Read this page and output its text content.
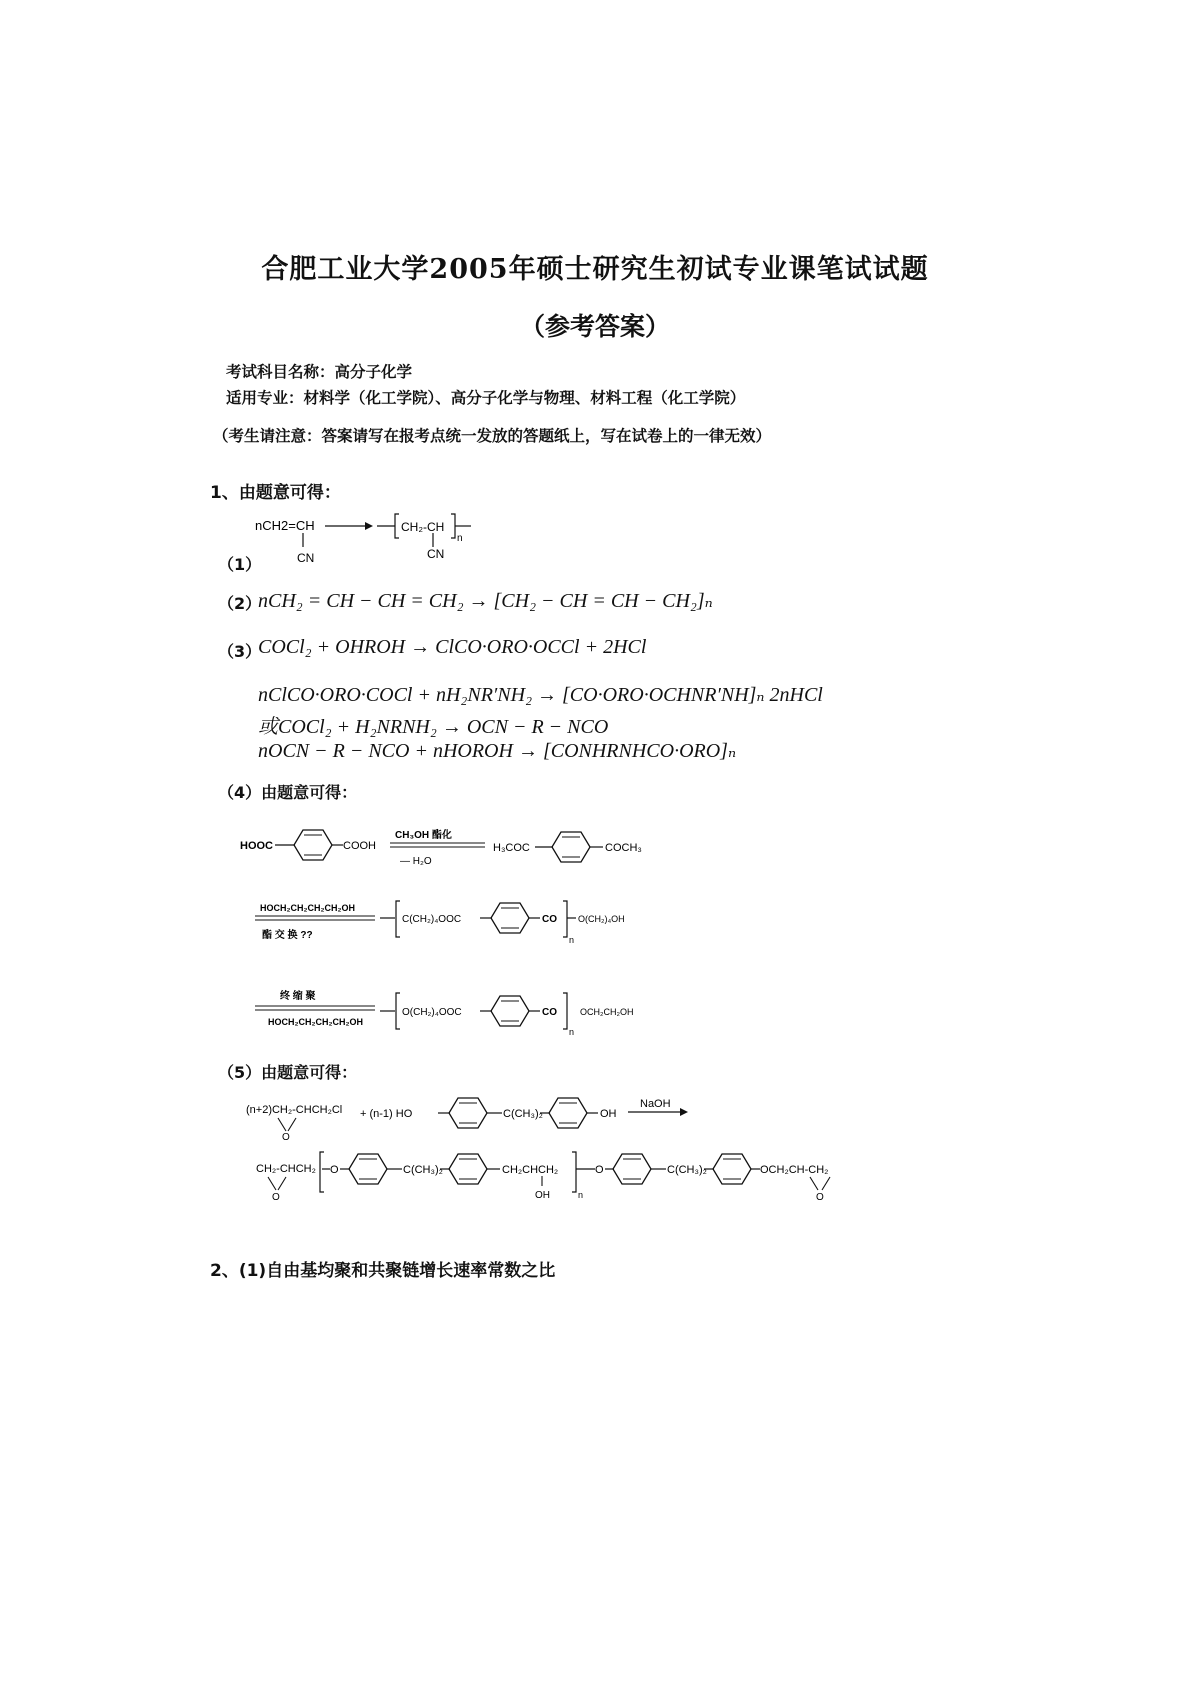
合肥工业大学2005年硕士研究生初试专业课笔试试题
（参考答案）
考试科目名称：高分子化学
适用专业：材料学（化工学院）、高分子化学与物理、材料工程（化工学院）
（考生请注意：答案请写在报考点统一发放的答题纸上，写在试卷上的一律无效）
1、由题意可得：
（1）
nCH2=CH
CN
CH₂-CH
CN
n
（2）
nCH₂ = CH − CH = CH₂ → [CH₂ − CH = CH − CH₂]ₙ
（3）
COCl₂ + OHROH → ClCO·ORO·OCCl + 2HCl
nClCO·ORO·COCl + nH₂NR′NH₂ → [CO·ORO·OCHNR′NH]ₙ 2nHCl
或COCl₂ + H₂NRNH₂ → OCN − R − NCO
nOCN − R − NCO + nHOROH → [CONHRNHCO·ORO]ₙ
（4）由题意可得：
HOOC	COOH
CH₃OH 酯化
— H₂O
H₃COC	COCH₃
HOCH₂CH₂CH₂CH₂OH
酯 交 换 ??
C(CH₂)₄OOC	CO
n
O(CH₂)₄OH
终 缩 聚
HOCH₂CH₂CH₂CH₂OH
O(CH₂)₄OOC	CO
n
OCH₂CH₂OH
（5）由题意可得：
(n+2)CH₂-CHCH₂Cl
O
+ (n-1) HO	C(CH₃)₂	OH
NaOH
CH₂-CHCH₂
O
O	C(CH₃)₂	CH₂CHCH₂
OH	n
O	C(CH₃)₂	OCH₂CH-CH₂
O
2、(1)自由基均聚和共聚链增长速率常数之比
